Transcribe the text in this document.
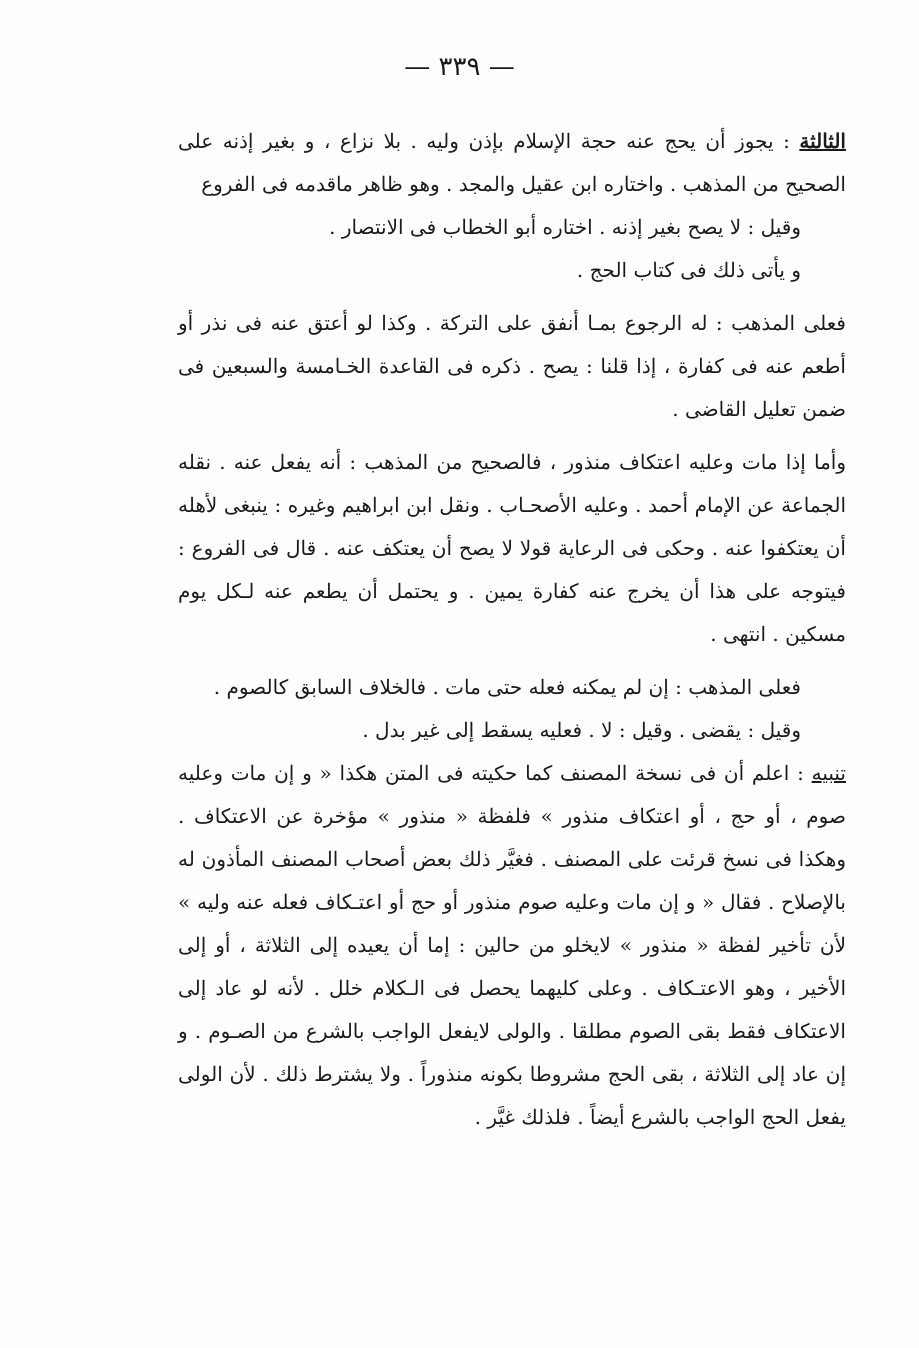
— ٣٣٩ —

الثالثة : يجوز أن يحج عنه حجة الإسلام بإذن وليه . بلا نزاع ، و بغير إذنه على الصحيح من المذهب . واختاره ابن عقيل والمجد . وهو ظاهر ماقدمه فى الفروع

وقيل : لا يصح بغير إذنه . اختاره أبو الخطاب فى الانتصار .

و يأتى ذلك فى كتاب الحج .

فعلى المذهب : له الرجوع بمـا أنفق على التركة . وكذا لو أعتق عنه فى نذر أو أطعم عنه فى كفارة ، إذا قلنا : يصح . ذكره فى القاعدة الخـامسة والسبعين فى ضمن تعليل القاضى .

وأما إذا مات وعليه اعتكاف منذور ، فالصحيح من المذهب : أنه يفعل عنه . نقله الجماعة عن الإمام أحمد . وعليه الأصحـاب . ونقل ابن ابراهيم وغيره : ينبغى لأهله أن يعتكفوا عنه . وحكى فى الرعاية قولا لا يصح أن يعتكف عنه . قال فى الفروع : فيتوجه على هذا أن يخرج عنه كفارة يمين . و يحتمل أن يطعم عنه لـكل يوم مسكين . انتهى .

فعلى المذهب : إن لم يمكنه فعله حتى مات . فالخلاف السابق كالصوم .

وقيل : يقضى . وقيل : لا . فعليه يسقط إلى غير بدل .

تنبيه : اعلم أن فى نسخة المصنف كما حكيته فى المتن هكذا « و إن مات وعليه صوم ، أو حج ، أو اعتكاف منذور » فلفظة « منذور » مؤخرة عن الاعتكاف . وهكذا فى نسخ قرئت على المصنف . فغيَّر ذلك بعض أصحاب المصنف المأذون له بالإصلاح . فقال « و إن مات وعليه صوم منذور أو حج أو اعتـكاف فعله عنه وليه » لأن تأخير لفظة « منذور » لايخلو من حالين : إما أن يعيده إلى الثلاثة ، أو إلى الأخير ، وهو الاعتـكاف . وعلى كليهما يحصل فى الـكلام خلل . لأنه لو عاد إلى الاعتكاف فقط بقى الصوم مطلقا . والولى لايفعل الواجب بالشرع من الصـوم . و إن عاد إلى الثلاثة ، بقى الحج مشروطا بكونه منذوراً . ولا يشترط ذلك . لأن الولى يفعل الحج الواجب بالشرع أيضاً . فلذلك غيَّر .
